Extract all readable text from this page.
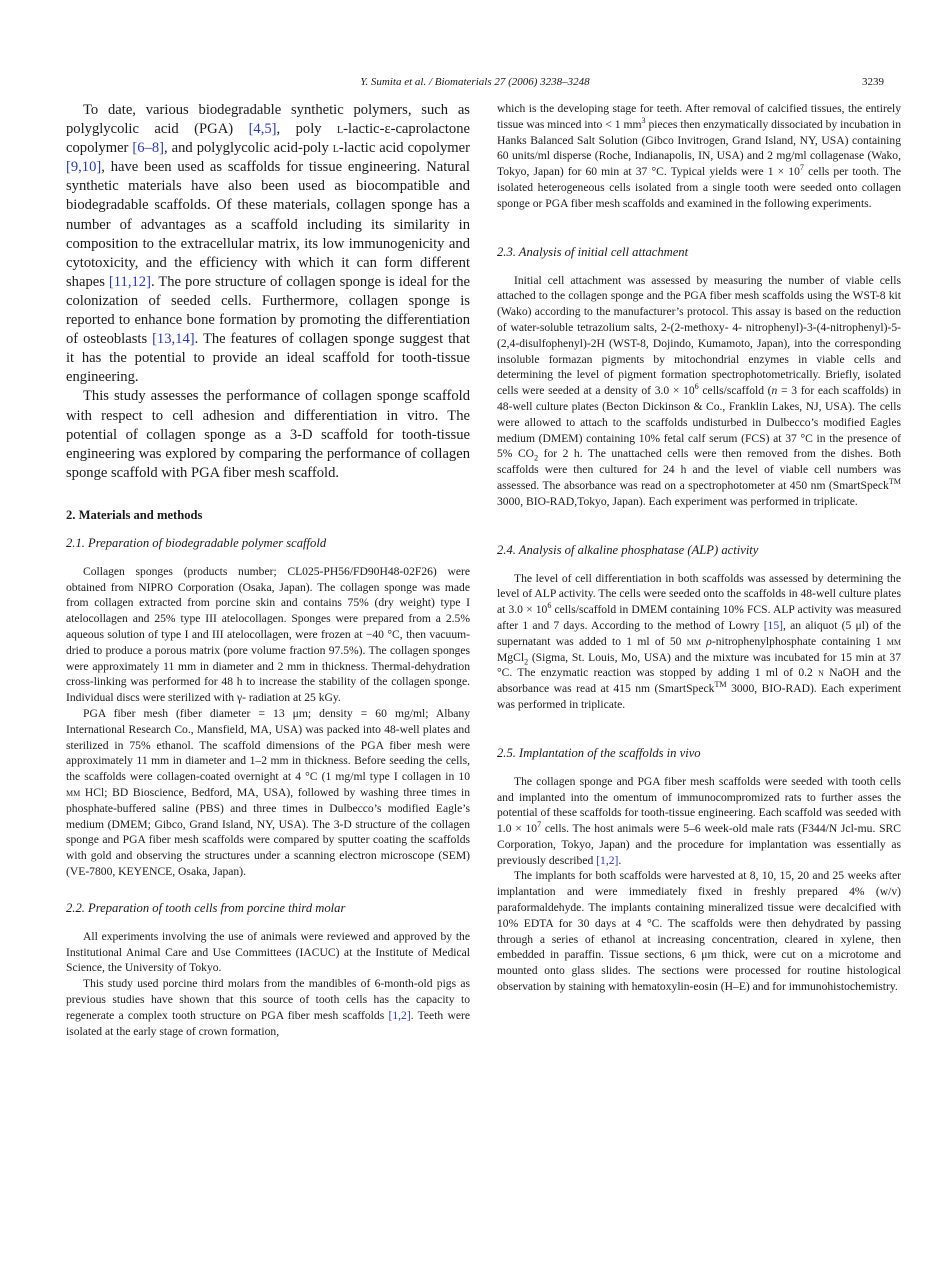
Y. Sumita et al. / Biomaterials 27 (2006) 3238–3248	3239

To date, various biodegradable synthetic polymers, such as polyglycolic acid (PGA) [4,5], poly l-lactic-ε-caprolactone copolymer [6–8], and polyglycolic acid-poly l-lactic acid copolymer [9,10], have been used as scaffolds for tissue engineering. Natural synthetic materials have also been used as biocompatible and biodegradable scaffolds. Of these materials, collagen sponge has a number of advantages as a scaffold including its similarity in composition to the extracellular matrix, its low immunogenicity and cytotoxicity, and the efficiency with which it can form different shapes [11,12]. The pore structure of collagen sponge is ideal for the colonization of seeded cells. Furthermore, collagen sponge is reported to enhance bone formation by promoting the differentiation of osteoblasts [13,14]. The features of collagen sponge suggest that it has the potential to provide an ideal scaffold for tooth-tissue engineering.

This study assesses the performance of collagen sponge scaffold with respect to cell adhesion and differentiation in vitro. The potential of collagen sponge as a 3-D scaffold for tooth-tissue engineering was explored by comparing the performance of collagen sponge scaffold with PGA fiber mesh scaffold.

2. Materials and methods
2.1. Preparation of biodegradable polymer scaffold

Collagen sponges (products number; CL025-PH56/FD90H48-02F26) were obtained from NIPRO Corporation (Osaka, Japan). The collagen sponge was made from collagen extracted from porcine skin and contains 75% (dry weight) type I atelocollagen and 25% type III atelocollagen. Sponges were prepared from a 2.5% aqueous solution of type I and III atelocollagen, were frozen at −40 °C, then vacuum-dried to produce a porous matrix (pore volume fraction 97.5%). The collagen sponges were approximately 11 mm in diameter and 2 mm in thickness. Thermal-dehydration cross-linking was performed for 48 h to increase the stability of the collagen sponge. Individual discs were sterilized with γ- radiation at 25 kGy.

PGA fiber mesh (fiber diameter = 13 μm; density = 60 mg/ml; Albany International Research Co., Mansfield, MA, USA) was packed into 48-well plates and sterilized in 75% ethanol. The scaffold dimensions of the PGA fiber mesh were approximately 11 mm in diameter and 1–2 mm in thickness. Before seeding the cells, the scaffolds were collagen-coated overnight at 4 °C (1 mg/ml type I collagen in 10 mm HCl; BD Bioscience, Bedford, MA, USA), followed by washing three times in phosphate-buffered saline (PBS) and three times in Dulbecco’s modified Eagle’s medium (DMEM; Gibco, Grand Island, NY, USA). The 3-D structure of the collagen sponge and PGA fiber mesh scaffolds were compared by sputter coating the scaffolds with gold and observing the structures under a scanning electron microscope (SEM) (VE-7800, KEYENCE, Osaka, Japan).

2.2. Preparation of tooth cells from porcine third molar

All experiments involving the use of animals were reviewed and approved by the Institutional Animal Care and Use Committees (IACUC) at the Institute of Medical Science, the University of Tokyo.

This study used porcine third molars from the mandibles of 6-month-old pigs as previous studies have shown that this source of tooth cells has the capacity to regenerate a complex tooth structure on PGA fiber mesh scaffolds [1,2]. Teeth were isolated at the early stage of crown formation,

which is the developing stage for teeth. After removal of calcified tissues, the entirely tissue was minced into < 1 $mm^3$ pieces then enzymatically dissociated by incubation in Hanks Balanced Salt Solution (Gibco Invitrogen, Grand Island, NY, USA) containing 60 units/ml disperse (Roche, Indianapolis, IN, USA) and 2 mg/ml collagenase (Wako, Tokyo, Japan) for 60 min at 37 °C. Typical yields were $1 \times 10^7$ cells per tooth. The isolated heterogeneous cells isolated from a single tooth were seeded onto collagen sponge or PGA fiber mesh scaffolds and examined in the following experiments.

2.3. Analysis of initial cell attachment

Initial cell attachment was assessed by measuring the number of viable cells attached to the collagen sponge and the PGA fiber mesh scaffolds using the WST-8 kit (Wako) according to the manufacturer’s protocol. This assay is based on the reduction of water-soluble tetrazolium salts, 2-(2-methoxy- 4- nitrophenyl)-3-(4-nitrophenyl)-5-(2,4-disulfophenyl)-2H (WST-8, Dojindo, Kumamoto, Japan), into the corresponding insoluble formazan pigments by mitochondrial enzymes in viable cells and determining the level of pigment formation spectrophotometrically. Briefly, isolated cells were seeded at a density of $3.0 \times 10^6$ cells/scaffold (n = 3 for each scaffolds) in 48-well culture plates (Becton Dickinson & Co., Franklin Lakes, NJ, USA). The cells were allowed to attach to the scaffolds undisturbed in Dulbecco’s modified Eagles medium (DMEM) containing 10% fetal calf serum (FCS) at 37 °C in the presence of 5% $CO_2$ for 2 h. The unattached cells were then removed from the dishes. Both scaffolds were then cultured for 24 h and the level of viable cell numbers was assessed. The absorbance was read on a spectrophotometer at 450 nm (SmartSpeck™ 3000, BIO-RAD,Tokyo, Japan). Each experiment was performed in triplicate.

2.4. Analysis of alkaline phosphatase (ALP) activity

The level of cell differentiation in both scaffolds was assessed by determining the level of ALP activity. The cells were seeded onto the scaffolds in 48-well culture plates at $3.0 \times 10^6$ cells/scaffold in DMEM containing 10% FCS. ALP activity was measured after 1 and 7 days. According to the method of Lowry [15], an aliquot (5 μl) of the supernatant was added to 1 ml of 50 mm ρ-nitrophenylphosphate containing 1 mm MgCl$_2$ (Sigma, St. Louis, Mo, USA) and the mixture was incubated for 15 min at 37 °C. The enzymatic reaction was stopped by adding 1 ml of 0.2 n NaOH and the absorbance was read at 415 nm (SmartSpeck™ 3000, BIO-RAD). Each experiment was performed in triplicate.

2.5. Implantation of the scaffolds in vivo

The collagen sponge and PGA fiber mesh scaffolds were seeded with tooth cells and implanted into the omentum of immunocompromized rats to further asses the potential of these scaffolds for tooth-tissue engineering. Each scaffold was seeded with $1.0 \times 10^7$ cells. The host animals were 5–6 week-old male rats (F344/N Jcl-mu. SRC Corporation, Tokyo, Japan) and the procedure for implantation was essentially as previously described [1,2].

The implants for both scaffolds were harvested at 8, 10, 15, 20 and 25 weeks after implantation and were immediately fixed in freshly prepared 4% (w/v) paraformaldehyde. The implants containing mineralized tissue were decalcified with 10% EDTA for 30 days at 4 °C. The scaffolds were then dehydrated by passing through a series of ethanol at increasing concentration, cleared in xylene, then embedded in paraffin. Tissue sections, 6 μm thick, were cut on a microtome and mounted onto glass slides. The sections were processed for routine histological observation by staining with hematoxylin-eosin (H–E) and for immunohistochemistry.
